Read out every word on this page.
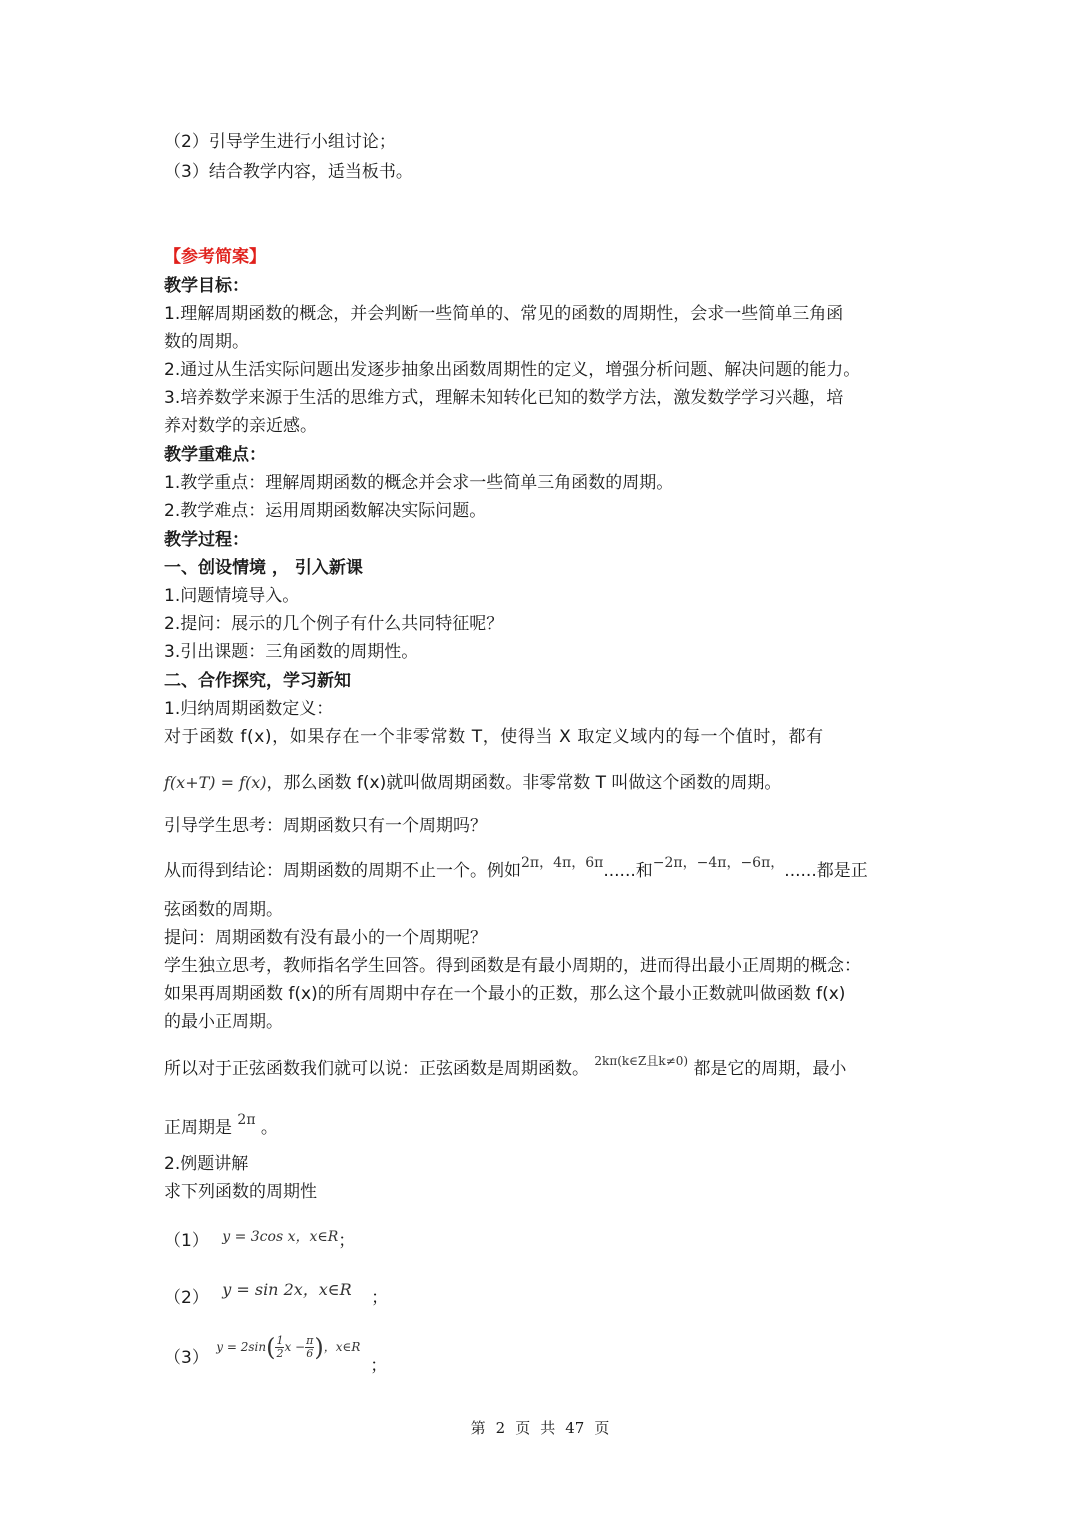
（2）引导学生进行小组讨论；
（3）结合教学内容，适当板书。
【参考简案】
教学目标：
1.理解周期函数的概念，并会判断一些简单的、常见的函数的周期性，会求一些简单三角函
数的周期。
2.通过从生活实际问题出发逐步抽象出函数周期性的定义，增强分析问题、解决问题的能力。
3.培养数学来源于生活的思维方式，理解未知转化已知的数学方法，激发数学学习兴趣，培
养对数学的亲近感。
教学重难点：
1.教学重点：理解周期函数的概念并会求一些简单三角函数的周期。
2.教学难点：运用周期函数解决实际问题。
教学过程：
一、创设情境 ， 引入新课
1.问题情境导入。
2.提问：展示的几个例子有什么共同特征呢？
3.引出课题：三角函数的周期性。
二、合作探究，学习新知
1.归纳周期函数定义：
对于函数 f(x)，如果存在一个非零常数 T，使得当 X 取定义域内的每一个值时，都有
f(x+T) = f(x)，那么函数 f(x)就叫做周期函数。非零常数 T 叫做这个函数的周期。
引导学生思考：周期函数只有一个周期吗？
从而得到结论：周期函数的周期不止一个。例如$^{2\pi,4\pi,6\pi}$......和$^{-2\pi,-4\pi,-6\pi,}$......都是正
弦函数的周期。
提问：周期函数有没有最小的一个周期呢？
学生独立思考，教师指名学生回答。得到函数是有最小周期的，进而得出最小正周期的概念：
如果再周期函数 f(x)的所有周期中存在一个最小的正数，那么这个最小正数就叫做函数 f(x)
的最小正周期。
所以对于正弦函数我们就可以说：正弦函数是周期函数。 $^{2k\pi(k\in Z且k\ne 0)}$ 都是它的周期，最小
正周期是 $^{2\pi}$ 。
2.例题讲解
求下列函数的周期性
（1） $^{y = 3cos x,x\in R}$；
（2） y = sin 2x，x∈R ；
（3） $^{y = 2sin( \frac{1}{2} x - \frac{\pi}{6} ),x\in R}$ ；
第 2 页 共 47 页
